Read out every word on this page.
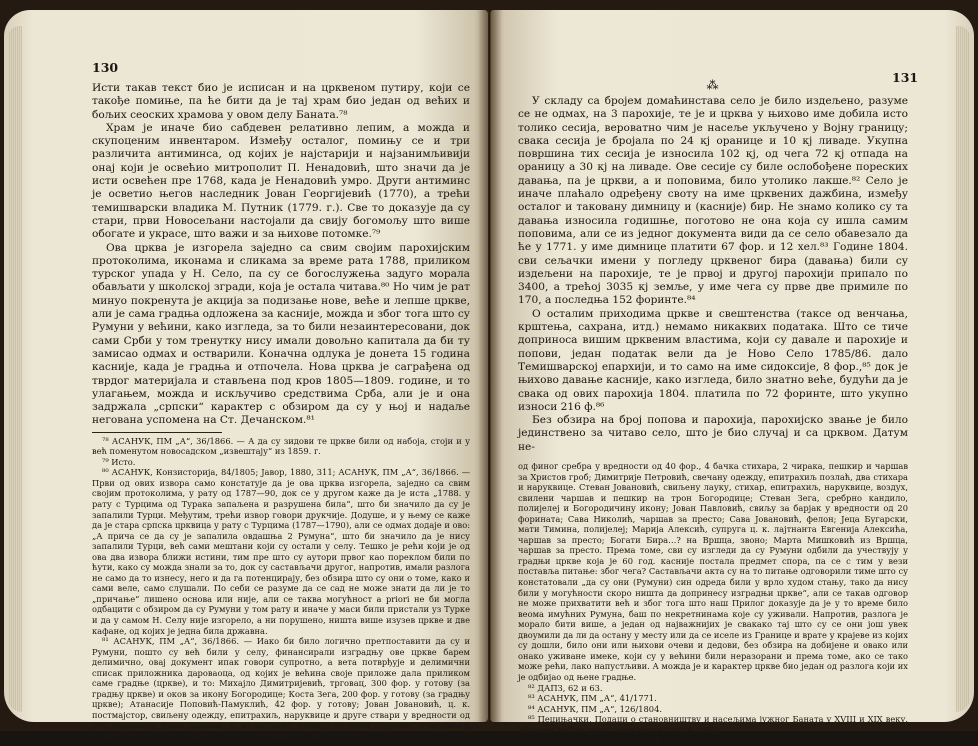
130

Исти такав текст био је исписан и на црквеном путиру, који се такође помиње, па ће бити да је тај храм био један од већих и бољих сеоских храмова у овом делу Баната.⁷⁸

Храм је иначе био сабдевен релативно лепим, а можда и скупоценим инвентаром. Између осталог, помињу се и три различита антиминса, од којих је најстарији и најзанимљивији онај који је освећио митрополит П. Ненадовић, што значи да је исти освећен пре 1768, када је Ненадовић умро. Други антиминс је осветио његов наследник Јован Георгијевић (1770), а трећи темишварски владика М. Путник (1779. г.). Све то доказује да су стари, први Новосељани настојали да свију богомољу што више обогате и украсе, што важи и за њихове потомке.⁷⁹

Ова црква је изгорела заједно са свим својим парохијским протоколима, иконама и сликама за време рата 1788, приликом турског упада у Н. Село, па су се богослужења задуго морала обављати у школској згради, која је остала читава.⁸⁰ Но чим је рат минуо покренута је акција за подизање нове, веће и лепше цркве, али је сама градња одложена за касније, можда и због тога што су Румуни у већини, како изгледа, за то били незаинтересовани, док сами Срби у том тренутку нису имали довољно капитала да би ту замисао одмах и остварили. Коначна одлука је донета 15 година касније, када је градња и отпочела. Нова црква је саграђена од тврдог материјала и стављена под кров 1805—1809. године, и то улагањем, можда и искључиво средствима Срба, али је и она задржала „српски“ карактер с обзиром да су у њој и надаље негована успомена на Ст. Дечанском.⁸¹

⁷⁸ АСАНУК, ПМ „А“, 36/1866. — А да су зидови те цркве били од набоја, стоји и у већ поменутом новосадском „извештају“ из 1859. г.

⁷⁹ Исто.

⁸⁰ АСАНУК, Конзисторија, 84/1805; Јавор, 1880, 311; АСАНУК, ПМ „А“, 36/1866. — Први од ових извора само констатује да је ова црква изгорела, заједно са свим својим протоколима, у рату од 1787—90, док се у другом каже да је иста „1788. у рату с Турцима од Турака запаљена и разрушена била“, што би значило да су је запалили Турци. Међутим, трећи извор говори друкчије. Додуше, и у њему се каже да је стара српска црквица у рату с Турцима (1787—1790), али се одмах додаје и ово: „А прича се да су је запалила овдашња 2 Румуна“, што би значило да је нису запалили Турци, већ сами мештани који су остали у селу. Тешко је рећи који је од ова два извора ближи истини, тим пре што су аутори првог као пореклом били по ћути, како су можда знали за то, док су састављачи другог, напротив, имали разлога не само да то изнесу, него и да га потенцирају, без обзира што су они о томе, како и сами веле, само слушали. По себи се разуме да се сад не може знати да ли је то „причање“ лишено основа или није, али се таква могућност а priori не би могла одбацити с обзиром да су Румуни у том рату и иначе у маси били пристали уз Турке и да у самом Н. Селу није изгорело, а ни порушено, ништа више изузев цркве и две кафане, од којих је једна била државна.

⁸¹ АСАНУК, ПМ „А“, 36/1866. — Иако би било логично претпоставити да су и Румуни, пошто су већ били у селу, финансирали изградњу ове цркве барем делимично, овај документ ипак говори супротно, а вета потврђује и делимични списак приложника дароваоца, од којих је већина своје приложе дала приликом саме градње (цркве), и то: Михајло Димитријевић, трговац, 300 фор. у готову (за градњу цркве) и оков за икону Богородице; Коста Зега, 200 фор. у готову (за градњу цркве); Атанасије Поповић-Памуклић, 42 фор. у готову; Јован Јовановић, ц. к. постмајстор, свиљену одежду, епитрахиљ, наруквице и друге ствари у вредности од 200 форината; Јован Дроњак, ц. к. лајтнант, одежду са свим „прочим“ стварима у вредности од 250 форината; Светозар Јовановић, калиопицу

131
⁂

У складу са бројем домаћинстава село је било издељено, разуме се не одмах, на 3 парохије, те је и црква у њихово име добила исто толико сесија, вероватно чим је насеље укључено у Војну границу; свака сесија је бројала по 24 кј оранице и 10 кј ливаде. Укупна површина тих сесија је износила 102 кј, од чега 72 кј отпада на ораницу а 30 кј на ливаде. Ове сесије су биле ослобођене пореских давања, па је цркви, а и поповима, било утолико лакше.⁸² Село је иначе плаћало одређену своту на име црквених дажбина, између осталог и таковану димницу и (касније) бир. Не знамо колико су та давања износила годишње, поготово не она која су ишла самим поповима, али се из једног документа види да се село обавезало да ће у 1771. у име димнице платити 67 фор. и 12 хел.⁸³ Године 1804. сви сељачки имени у погледу црквеног бира (давања) били су издељени на парохије, те је првој и другој парохији припало по 3400, а трећој 3035 кј земље, у име чега су прве две примиле по 170, а последња 152 форинте.⁸⁴

О осталим приходима цркве и свештенства (таксе од венчања, крштења, сахрана, итд.) немамо никаквих података. Што се тиче доприноса вишим црквеним властима, који су давале и парохије и попови, један податак вели да је Ново Село 1785/86. дало Темишварској епархији, и то само на име сидоксије, 8 фор.,⁸⁵ док је њихово давање касније, како изгледа, било знатно веће, будући да је свака од ових парохија 1804. платила по 72 форинте, што укупно износи 216 ф.⁸⁶

Без обзира на број попова и парохија, парохијско звање је било јединствено за читаво село, што је био случај и са црквом. Датум не-

од финог сребра у вредности од 40 фор., 4 бачка стихара, 2 чирака, пешкир и чаршав за Христов гроб; Димитрије Петровић, свечану одежду, епитрахиљ позлаћ, два стихара и наруквице. Стеван Јовановић, свиљену лауку, стихар, епитрахиљ, наруквице, воздух, свилени чаршав и пешкир на трон Богородице; Стеван Зега, сребрно кандило, полијелеј и Богородичину икону; Јован Павловић, свиљу за барјак у вредности од 20 форината; Сава Николић, чаршав за престо; Сава Јовановић, фелон; Јеца Бугарски, мати Тимина, полијелеј; Марија Алексић, супруга ц. к. лајтнанта Евгенија Алексића, чаршав за престо; Богати Бира…? на Вршца, звоно; Марта Мишковић из Вршца, чаршав за престо. Према томе, сви су изгледи да су Румуни одбили да учествују у градњи цркве која је 60 год. касније постала предмет спора, па се с тим у вези поставља питање: због чега? Састављачи акта су на то питање одговорили тиме што су констатовали „да су они (Румуни) син одреда били у врло худом стању, тако да нису били у могућности скоро ништа да допринесу изградњи цркве“, али се такав одговор не може прихватити већ и због тога што наш Прилог доказује да је у то време било веома имућних Румуна, баш по некретнинама које су уживали. Напротив, разлога је морало бити више, а један од најважнијих је свакако тај што су се они још увек двоумили да ли да остану у месту или да се иселе из Границе и врате у крајеве из којих су дошли, било они или њихови очеви и дедови, без обзира на добијене и овако или онако уживане имеке, који су у већини били неразорани и према томе, ако се тако може рећи, лако напустљиви. А можда је и карактер цркве био један од разлога који их је одбијао од њене градње.

⁸² ДАПЗ, 62 и 63.

⁸³ АСАНУК, ПМ „А“, 41/1771.

⁸⁴ АСАНУК, ПМ „А“, 126/1804.

⁸⁵ Пецињачки, Подаци о становништву и насељима јужног Баната у XVIII и XIX веку. Зборник МС за друштвене науке, св. 38, 165.

⁸⁶ АСАНУК, ПМ „А“, 126/1804.
